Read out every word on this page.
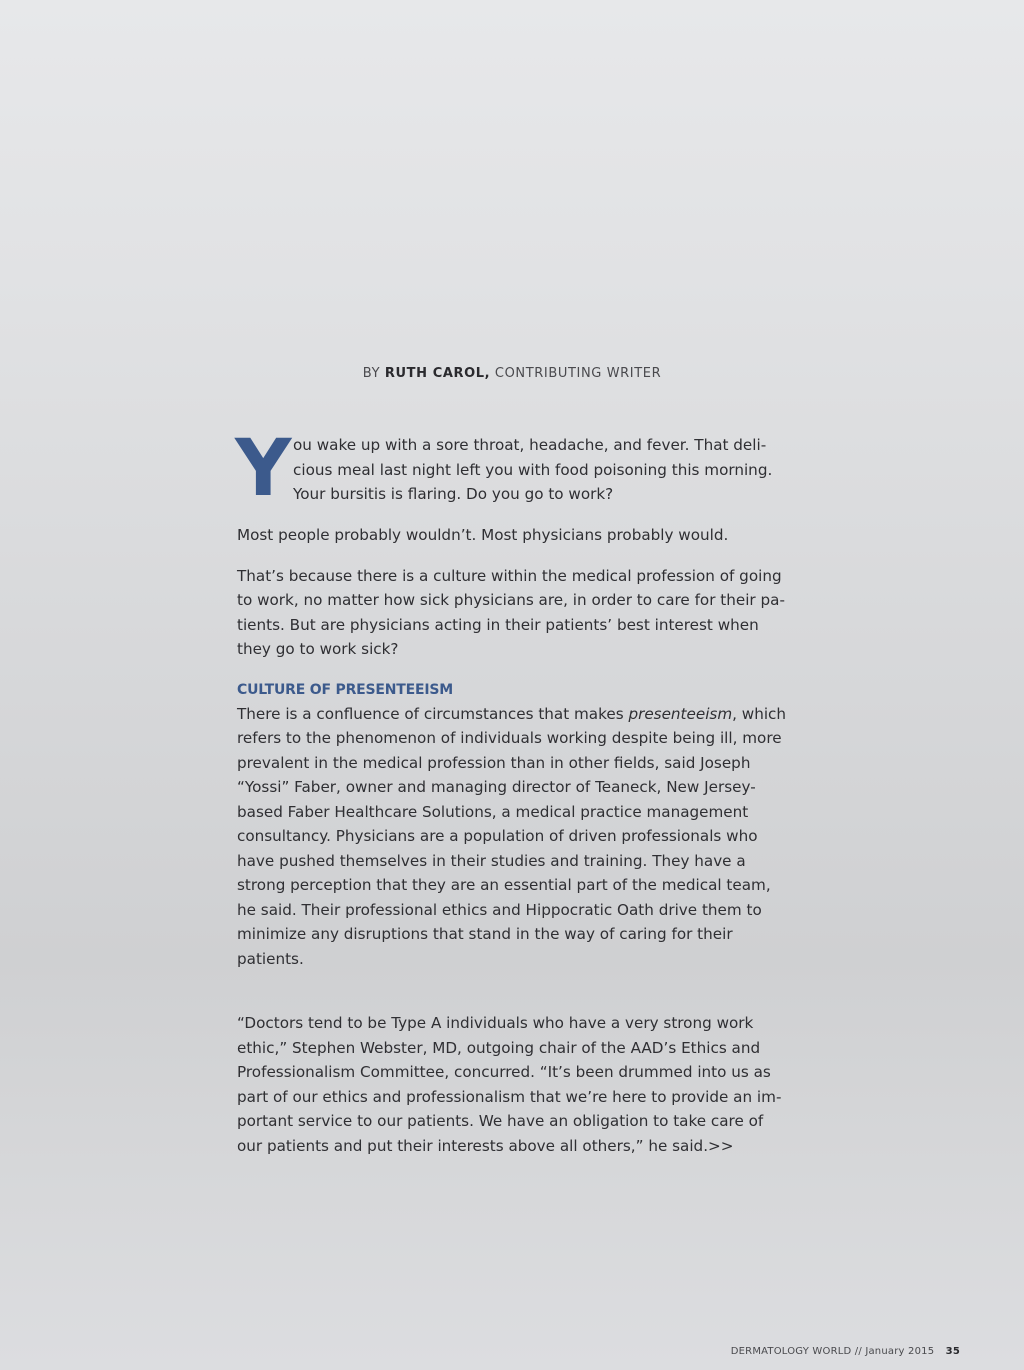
BY RUTH CAROL, CONTRIBUTING WRITER

Y ou wake up with a sore throat, headache, and fever. That deli-cious meal last night left you with food poisoning this morning. Your bursitis is flaring. Do you go to work?

Most people probably wouldn’t. Most physicians probably would.

That’s because there is a culture within the medical profession of going to work, no matter how sick physicians are, in order to care for their pa-tients. But are physicians acting in their patients’ best interest when they go to work sick?

CULTURE OF PRESENTEEISM

There is a confluence of circumstances that makes presenteeism, which refers to the phenomenon of individuals working despite being ill, more prevalent in the medical profession than in other fields, said Joseph “Yossi” Faber, owner and managing director of Teaneck, New Jersey-based Faber Healthcare Solutions, a medical practice management consultancy. Physicians are a population of driven professionals who have pushed themselves in their studies and training. They have a strong perception that they are an essential part of the medical team, he said. Their professional ethics and Hippocratic Oath drive them to minimize any disruptions that stand in the way of caring for their patients.

“Doctors tend to be Type A individuals who have a very strong work ethic,” Stephen Webster, MD, outgoing chair of the AAD’s Ethics and Professionalism Committee, concurred. “It’s been drummed into us as part of our ethics and professionalism that we’re here to provide an im-portant service to our patients. We have an obligation to take care of our patients and put their interests above all others,” he said.>>

DERMATOLOGY WORLD // January 2015 35
